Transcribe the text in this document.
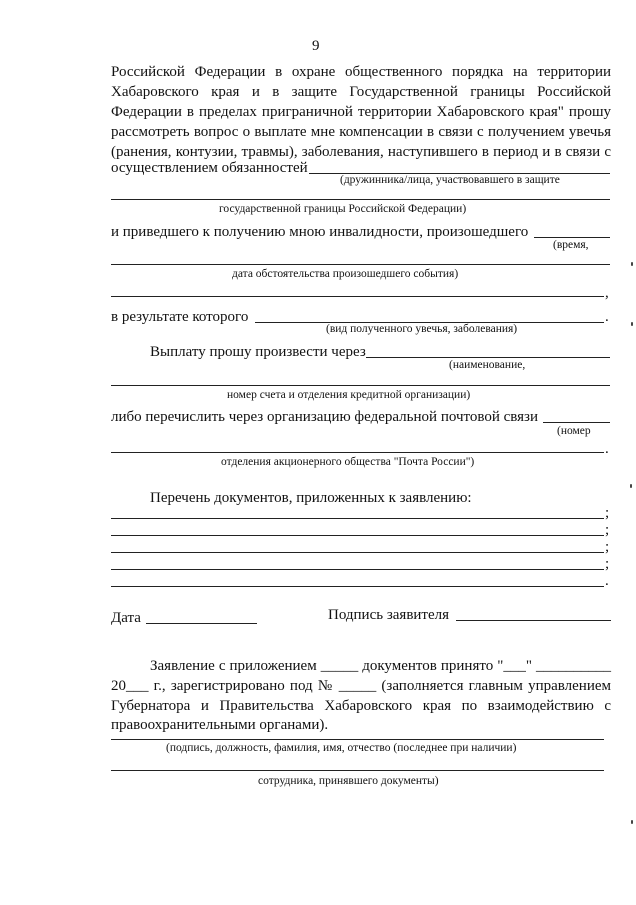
9
Российской Федерации в охране общественного порядка на территории
Хабаровского края и в защите Государственной границы Российской
Федерации в пределах приграничной территории Хабаровского края" прошу
рассмотреть вопрос о выплате мне компенсации в связи с получением увечья
(ранения, контузии, травмы), заболевания, наступившего в период и в связи с
осуществлением обязанностей
(дружинника/лица, участвовавшего в защите
государственной границы Российской Федерации)
и приведшего к получению мною инвалидности, произошедшего
(время,
дата обстоятельства произошедшего события)
,
в результате которого	.
(вид полученного увечья, заболевания)
Выплату прошу произвести через
(наименование,
номер счета и отделения кредитной организации)
либо перечислить через организацию федеральной почтовой связи
(номер
.
отделения акционерного общества "Почта России")
Перечень документов, приложенных к заявлению:
;
;
;
;
.
Дата	Подпись заявителя
Заявление с приложением _____ документов принято "___" __________
20___ г., зарегистрировано под № _____ (заполняется главным управлением
Губернатора и Правительства Хабаровского края по взаимодействию с
правоохранительными органами).
(подпись, должность, фамилия, имя, отчество (последнее при наличии)
сотрудника, принявшего документы)
